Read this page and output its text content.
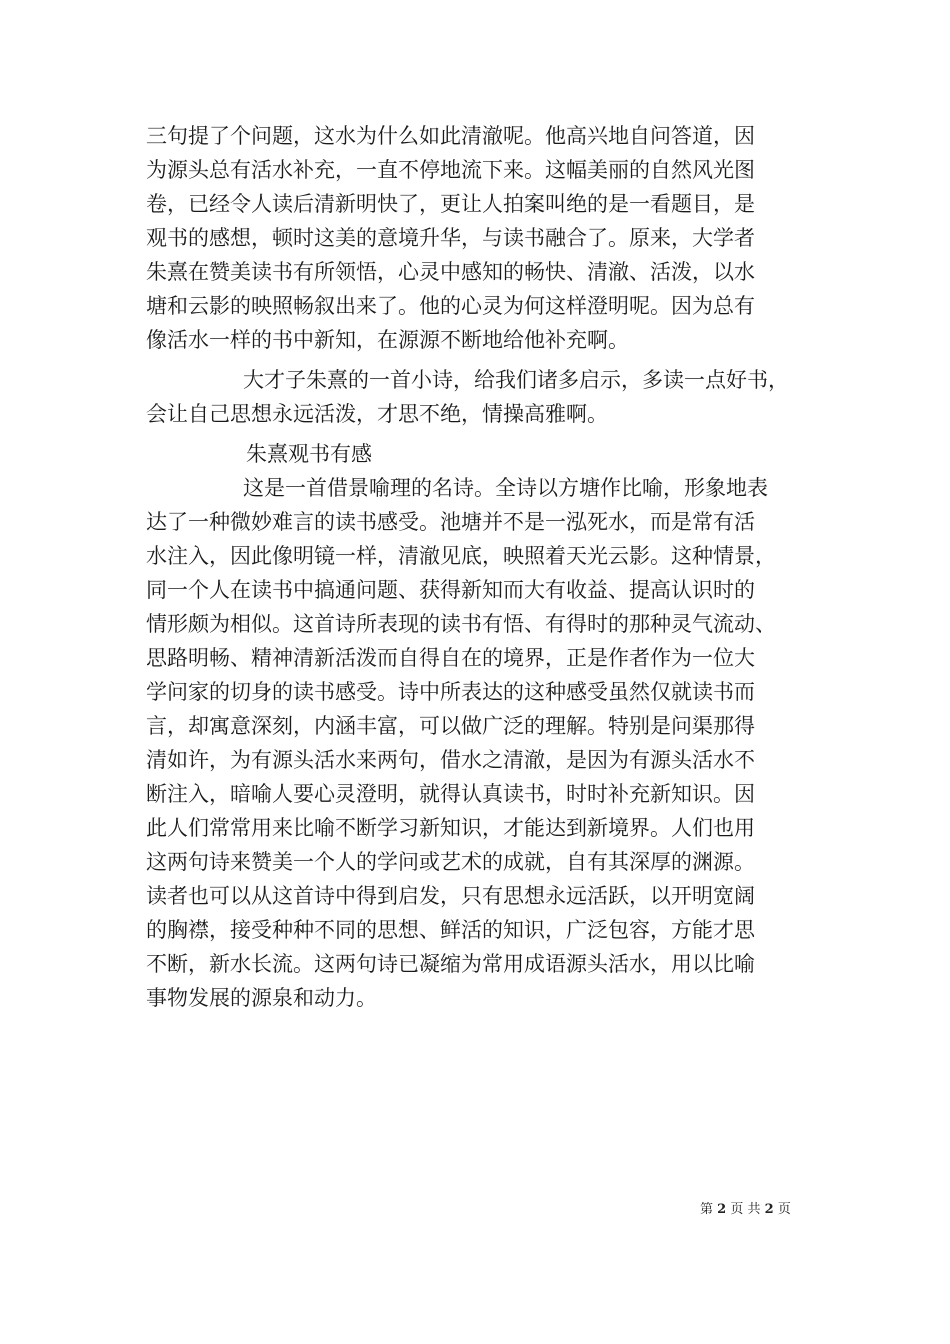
三句提了个问题，这水为什么如此清澈呢。他高兴地自问答道，因
为源头总有活水补充，一直不停地流下来。这幅美丽的自然风光图
卷，已经令人读后清新明快了，更让人拍案叫绝的是一看题目，是
观书的感想，顿时这美的意境升华，与读书融合了。原来，大学者
朱熹在赞美读书有所领悟，心灵中感知的畅快、清澈、活泼，以水
塘和云影的映照畅叙出来了。他的心灵为何这样澄明呢。因为总有
像活水一样的书中新知，在源源不断地给他补充啊。
大才子朱熹的一首小诗，给我们诸多启示，多读一点好书，
会让自己思想永远活泼，才思不绝，情操高雅啊。
朱熹观书有感
这是一首借景喻理的名诗。全诗以方塘作比喻，形象地表
达了一种微妙难言的读书感受。池塘并不是一泓死水，而是常有活
水注入，因此像明镜一样，清澈见底，映照着天光云影。这种情景，
同一个人在读书中搞通问题、获得新知而大有收益、提高认识时的
情形颇为相似。这首诗所表现的读书有悟、有得时的那种灵气流动、
思路明畅、精神清新活泼而自得自在的境界，正是作者作为一位大
学问家的切身的读书感受。诗中所表达的这种感受虽然仅就读书而
言，却寓意深刻，内涵丰富，可以做广泛的理解。特别是问渠那得
清如许，为有源头活水来两句，借水之清澈，是因为有源头活水不
断注入，暗喻人要心灵澄明，就得认真读书，时时补充新知识。因
此人们常常用来比喻不断学习新知识，才能达到新境界。人们也用
这两句诗来赞美一个人的学问或艺术的成就，自有其深厚的渊源。
读者也可以从这首诗中得到启发，只有思想永远活跃，以开明宽阔
的胸襟，接受种种不同的思想、鲜活的知识，广泛包容，方能才思
不断，新水长流。这两句诗已凝缩为常用成语源头活水，用以比喻
事物发展的源泉和动力。
第 2 页 共 2 页
